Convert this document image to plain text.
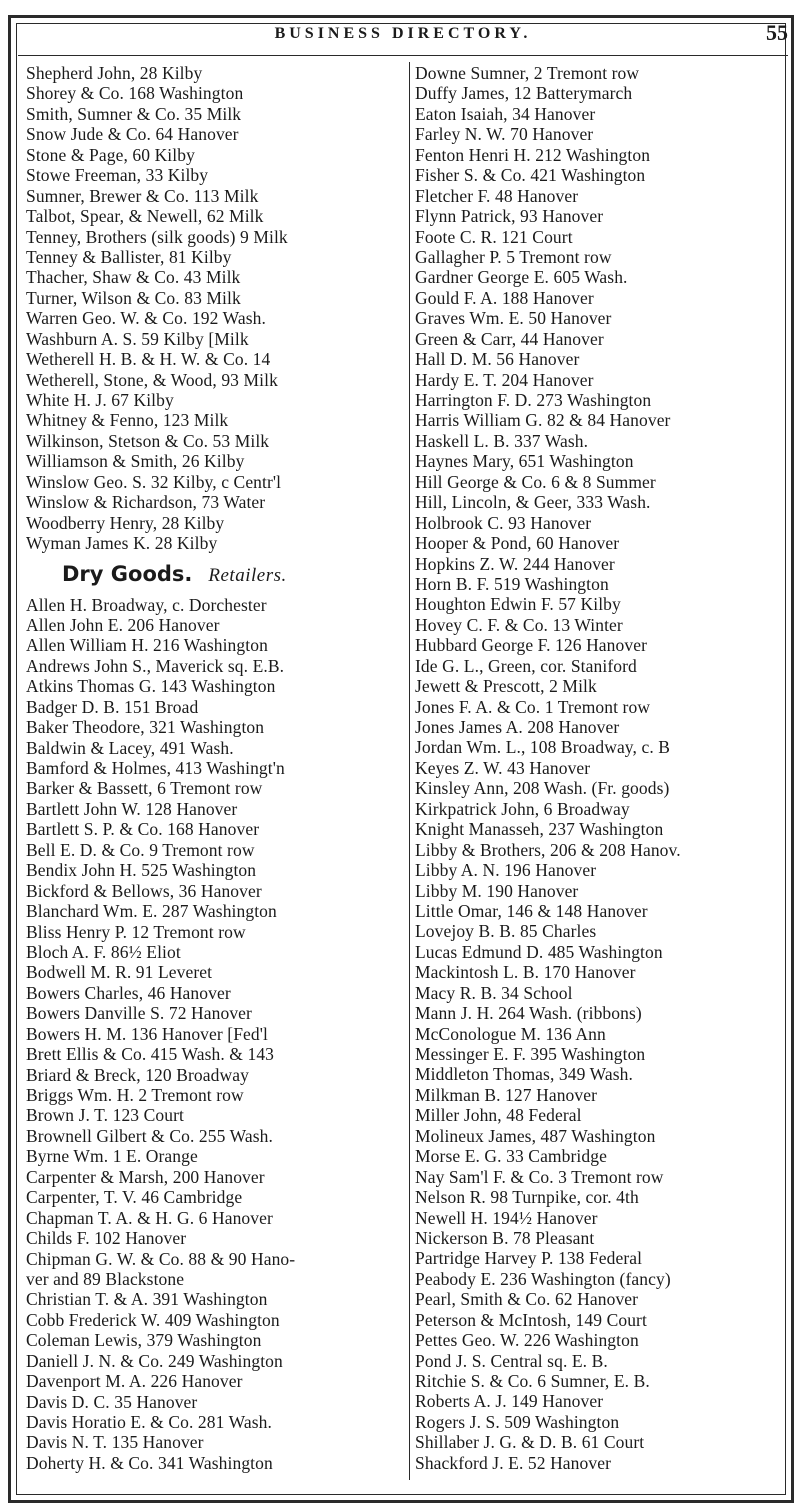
BUSINESS DIRECTORY.	55
Shepherd John, 28 Kilby
Shorey & Co. 168 Washington
Smith, Sumner & Co. 35 Milk
Snow Jude & Co. 64 Hanover
Stone & Page, 60 Kilby
Stowe Freeman, 33 Kilby
Sumner, Brewer & Co. 113 Milk
Talbot, Spear, & Newell, 62 Milk
Tenney, Brothers (silk goods) 9 Milk
Tenney & Ballister, 81 Kilby
Thacher, Shaw & Co. 43 Milk
Turner, Wilson & Co. 83 Milk
Warren Geo. W. & Co. 192 Wash.
Washburn A. S. 59 Kilby [Milk
Wetherell H. B. & H. W. & Co. 14
Wetherell, Stone, & Wood, 93 Milk
White H. J. 67 Kilby
Whitney & Fenno, 123 Milk
Wilkinson, Stetson & Co. 53 Milk
Williamson & Smith, 26 Kilby
Winslow Geo. S. 32 Kilby, c Centr'l
Winslow & Richardson, 73 Water
Woodberry Henry, 28 Kilby
Wyman James K. 28 Kilby
Dry Goods. Retailers.
Allen H. Broadway, c. Dorchester
Allen John E. 206 Hanover
Allen William H. 216 Washington
Andrews John S., Maverick sq. E.B.
Atkins Thomas G. 143 Washington
Badger D. B. 151 Broad
Baker Theodore, 321 Washington
Baldwin & Lacey, 491 Wash.
Bamford & Holmes, 413 Washingt'n
Barker & Bassett, 6 Tremont row
Bartlett John W. 128 Hanover
Bartlett S. P. & Co. 168 Hanover
Bell E. D. & Co. 9 Tremont row
Bendix John H. 525 Washington
Bickford & Bellows, 36 Hanover
Blanchard Wm. E. 287 Washington
Bliss Henry P. 12 Tremont row
Bloch A. F. 86½ Eliot
Bodwell M. R. 91 Leveret
Bowers Charles, 46 Hanover
Bowers Danville S. 72 Hanover
Bowers H. M. 136 Hanover [Fed'l
Brett Ellis & Co. 415 Wash. & 143
Briard & Breck, 120 Broadway
Briggs Wm. H. 2 Tremont row
Brown J. T. 123 Court
Brownell Gilbert & Co. 255 Wash.
Byrne Wm. 1 E. Orange
Carpenter & Marsh, 200 Hanover
Carpenter, T. V. 46 Cambridge
Chapman T. A. & H. G. 6 Hanover
Childs F. 102 Hanover
Chipman G. W. & Co. 88 & 90 Hano-
ver and 89 Blackstone
Christian T. & A. 391 Washington
Cobb Frederick W. 409 Washington
Coleman Lewis, 379 Washington
Daniell J. N. & Co. 249 Washington
Davenport M. A. 226 Hanover
Davis D. C. 35 Hanover
Davis Horatio E. & Co. 281 Wash.
Davis N. T. 135 Hanover
Doherty H. & Co. 341 Washington
Downe Sumner, 2 Tremont row
Duffy James, 12 Batterymarch
Eaton Isaiah, 34 Hanover
Farley N. W. 70 Hanover
Fenton Henri H. 212 Washington
Fisher S. & Co. 421 Washington
Fletcher F. 48 Hanover
Flynn Patrick, 93 Hanover
Foote C. R. 121 Court
Gallagher P. 5 Tremont row
Gardner George E. 605 Wash.
Gould F. A. 188 Hanover
Graves Wm. E. 50 Hanover
Green & Carr, 44 Hanover
Hall D. M. 56 Hanover
Hardy E. T. 204 Hanover
Harrington F. D. 273 Washington
Harris William G. 82 & 84 Hanover
Haskell L. B. 337 Wash.
Haynes Mary, 651 Washington
Hill George & Co. 6 & 8 Summer
Hill, Lincoln, & Geer, 333 Wash.
Holbrook C. 93 Hanover
Hooper & Pond, 60 Hanover
Hopkins Z. W. 244 Hanover
Horn B. F. 519 Washington
Houghton Edwin F. 57 Kilby
Hovey C. F. & Co. 13 Winter
Hubbard George F. 126 Hanover
Ide G. L., Green, cor. Staniford
Jewett & Prescott, 2 Milk
Jones F. A. & Co. 1 Tremont row
Jones James A. 208 Hanover
Jordan Wm. L., 108 Broadway, c. B
Keyes Z. W. 43 Hanover
Kinsley Ann, 208 Wash. (Fr. goods)
Kirkpatrick John, 6 Broadway
Knight Manasseh, 237 Washington
Libby & Brothers, 206 & 208 Hanov.
Libby A. N. 196 Hanover
Libby M. 190 Hanover
Little Omar, 146 & 148 Hanover
Lovejoy B. B. 85 Charles
Lucas Edmund D. 485 Washington
Mackintosh L. B. 170 Hanover
Macy R. B. 34 School
Mann J. H. 264 Wash. (ribbons)
McConologue M. 136 Ann
Messinger E. F. 395 Washington
Middleton Thomas, 349 Wash.
Milkman B. 127 Hanover
Miller John, 48 Federal
Molineux James, 487 Washington
Morse E. G. 33 Cambridge
Nay Sam'l F. & Co. 3 Tremont row
Nelson R. 98 Turnpike, cor. 4th
Newell H. 194½ Hanover
Nickerson B. 78 Pleasant
Partridge Harvey P. 138 Federal
Peabody E. 236 Washington (fancy)
Pearl, Smith & Co. 62 Hanover
Peterson & McIntosh, 149 Court
Pettes Geo. W. 226 Washington
Pond J. S. Central sq. E. B.
Ritchie S. & Co. 6 Sumner, E. B.
Roberts A. J. 149 Hanover
Rogers J. S. 509 Washington
Shillaber J. G. & D. B. 61 Court
Shackford J. E. 52 Hanover
